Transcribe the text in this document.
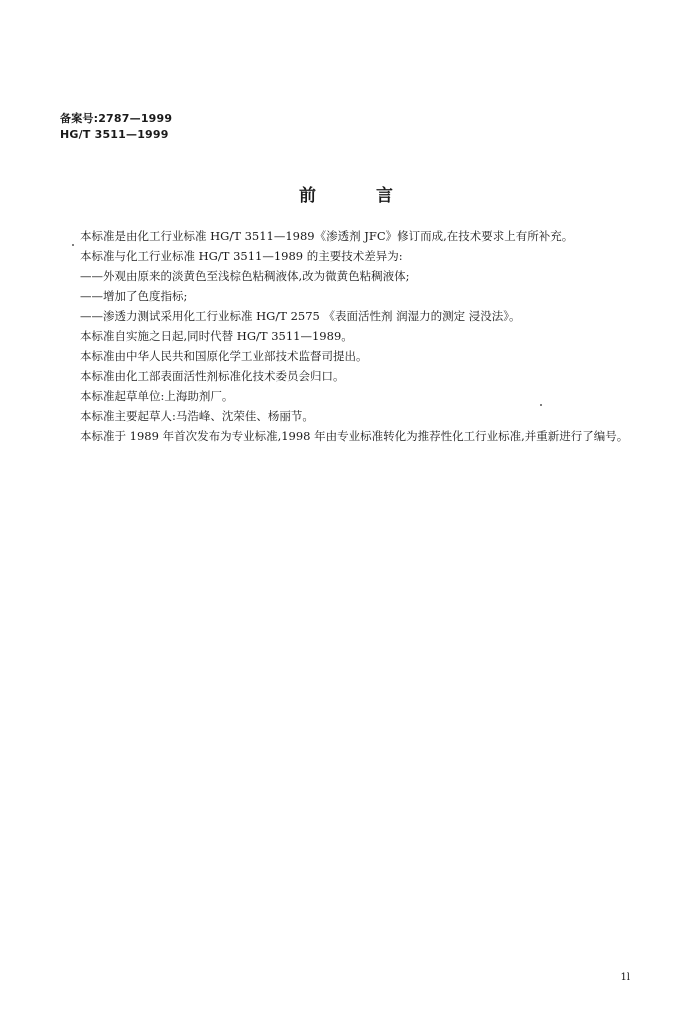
备案号:2787—1999
HG/T 3511—1999
前言
本标准是由化工行业标准 HG/T 3511—1989《渗透剂 JFC》修订而成,在技术要求上有所补充。
本标准与化工行业标准 HG/T 3511—1989 的主要技术差异为:
——外观由原来的淡黄色至浅棕色粘稠液体,改为微黄色粘稠液体;
——增加了色度指标;
——渗透力测试采用化工行业标准 HG/T 2575 《表面活性剂 润湿力的测定 浸没法》。
本标准自实施之日起,同时代替 HG/T 3511—1989。
本标准由中华人民共和国原化学工业部技术监督司提出。
本标准由化工部表面活性剂标准化技术委员会归口。
本标准起草单位:上海助剂厂。
本标准主要起草人:马浩峰、沈荣佳、杨丽节。
本标准于 1989 年首次发布为专业标准,1998 年由专业标准转化为推荐性化工行业标准,并重新进行了编号。
1l
